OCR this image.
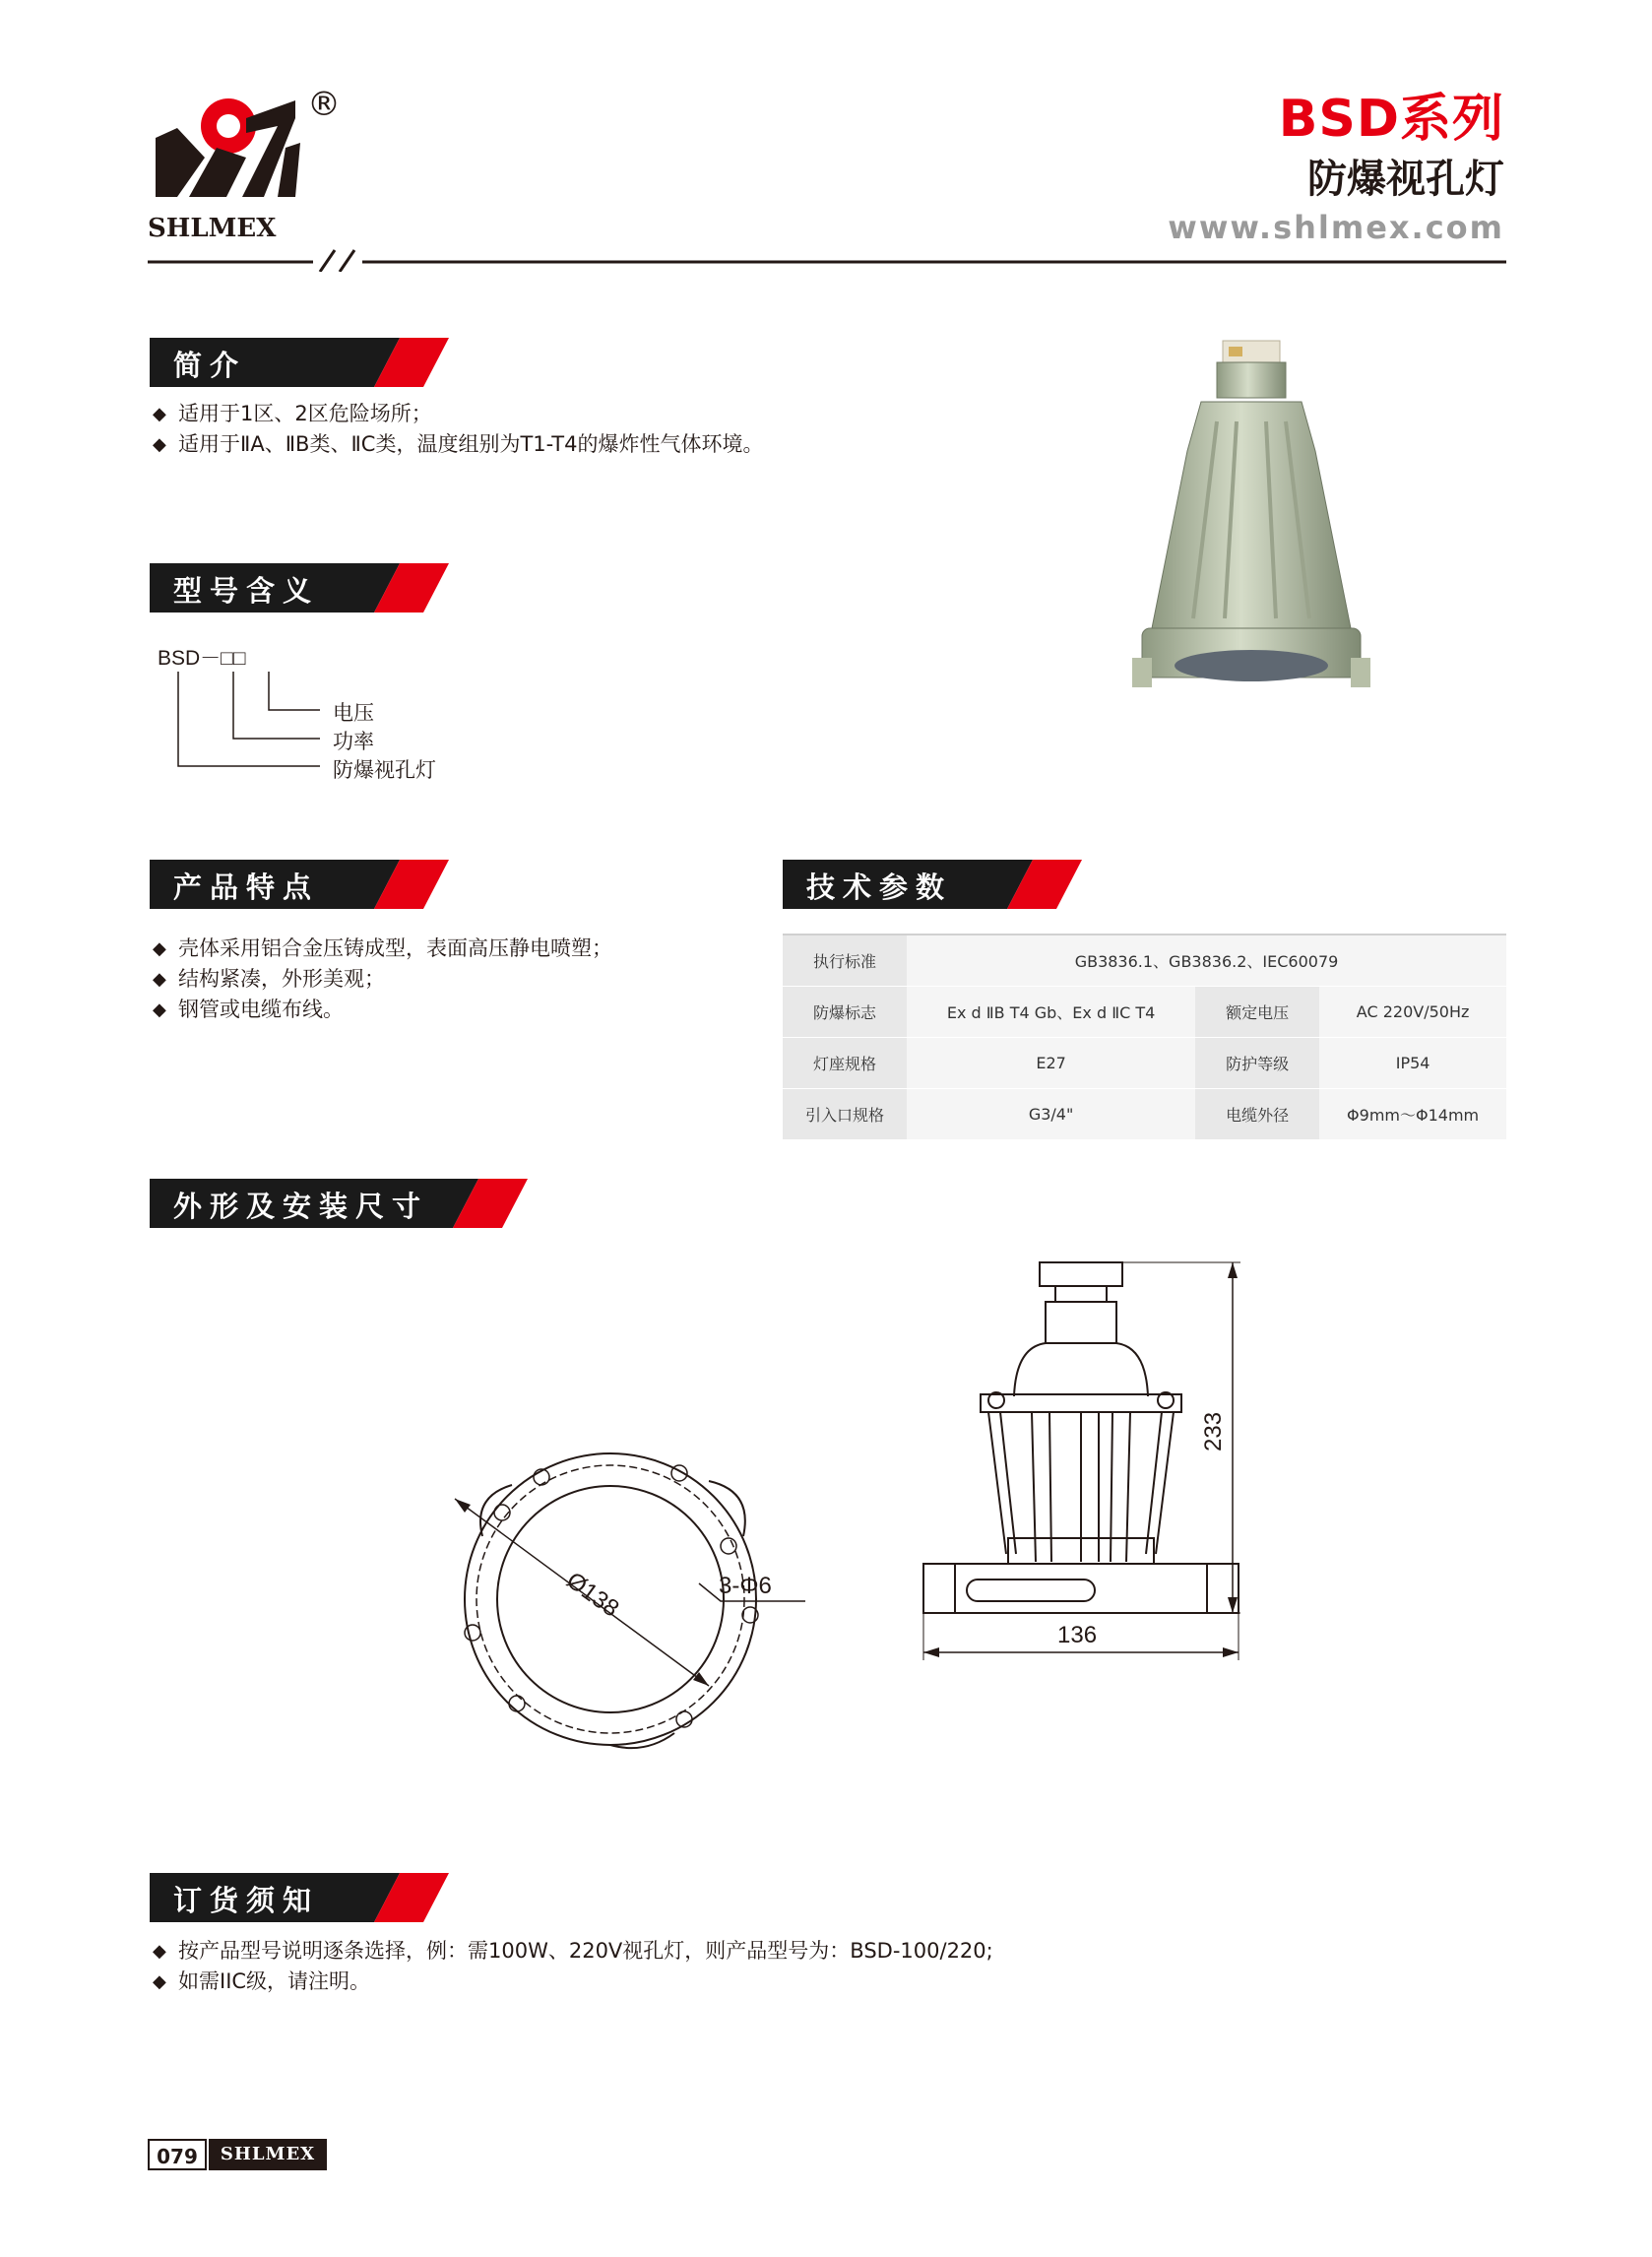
SHLMEX
®	BSD系列
防爆视孔灯
www.shlmex.com
简介
◆ 适用于1区、2区危险场所；
◆ 适用于ⅡA、ⅡB类、ⅡC类，温度组别为T1-T4的爆炸性气体环境。
型号含义
BSD－□□
电压
功率
防爆视孔灯
产品特点
◆ 壳体采用铝合金压铸成型，表面高压静电喷塑；
◆ 结构紧凑，外形美观；
◆ 钢管或电缆布线。
技术参数
执行标准	GB3836.1、GB3836.2、IEC60079		
防爆标志	Ex d ⅡB T4 Gb、Ex d ⅡC T4	额定电压	AC 220V/50Hz
灯座规格	E27	防护等级	IP54
引入口规格	G3/4"	电缆外径	Φ9mm～Φ14mm
外形及安装尺寸
Ø138	3-Φ6
233
136
订货须知
◆ 按产品型号说明逐条选择，例：需100W、220V视孔灯，则产品型号为：BSD-100/220;
◆ 如需IIC级，请注明。
079	SHLMEX
